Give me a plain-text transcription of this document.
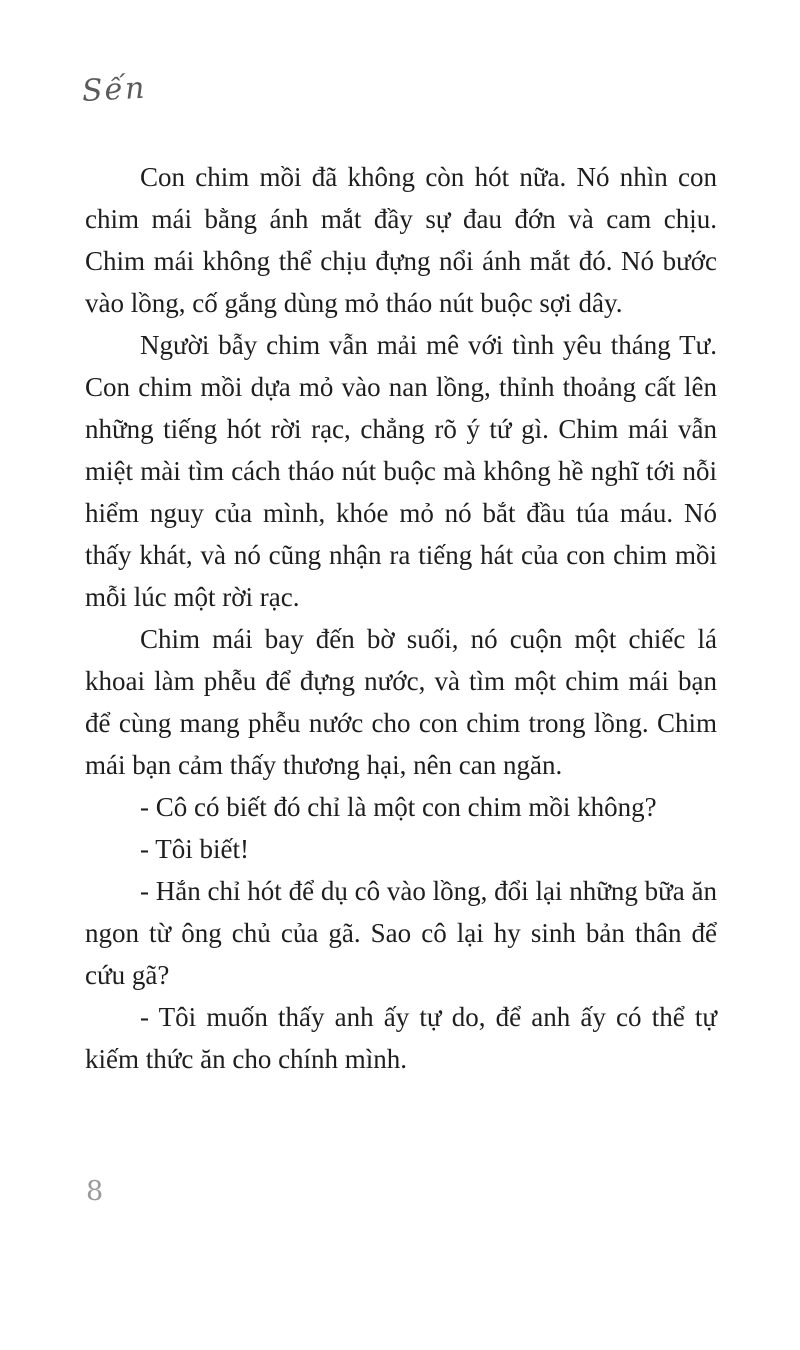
Sến

Con chim mồi đã không còn hót nữa. Nó nhìn con chim mái bằng ánh mắt đầy sự đau đớn và cam chịu. Chim mái không thể chịu đựng nổi ánh mắt đó. Nó bước vào lồng, cố gắng dùng mỏ tháo nút buộc sợi dây.

Người bẫy chim vẫn mải mê với tình yêu tháng Tư. Con chim mồi dựa mỏ vào nan lồng, thỉnh thoảng cất lên những tiếng hót rời rạc, chẳng rõ ý tứ gì. Chim mái vẫn miệt mài tìm cách tháo nút buộc mà không hề nghĩ tới nỗi hiểm nguy của mình, khóe mỏ nó bắt đầu túa máu. Nó thấy khát, và nó cũng nhận ra tiếng hát của con chim mồi mỗi lúc một rời rạc.

Chim mái bay đến bờ suối, nó cuộn một chiếc lá khoai làm phễu để đựng nước, và tìm một chim mái bạn để cùng mang phễu nước cho con chim trong lồng. Chim mái bạn cảm thấy thương hại, nên can ngăn.

- Cô có biết đó chỉ là một con chim mồi không?

- Tôi biết!

- Hắn chỉ hót để dụ cô vào lồng, đổi lại những bữa ăn ngon từ ông chủ của gã. Sao cô lại hy sinh bản thân để cứu gã?

- Tôi muốn thấy anh ấy tự do, để anh ấy có thể tự kiếm thức ăn cho chính mình.

8
